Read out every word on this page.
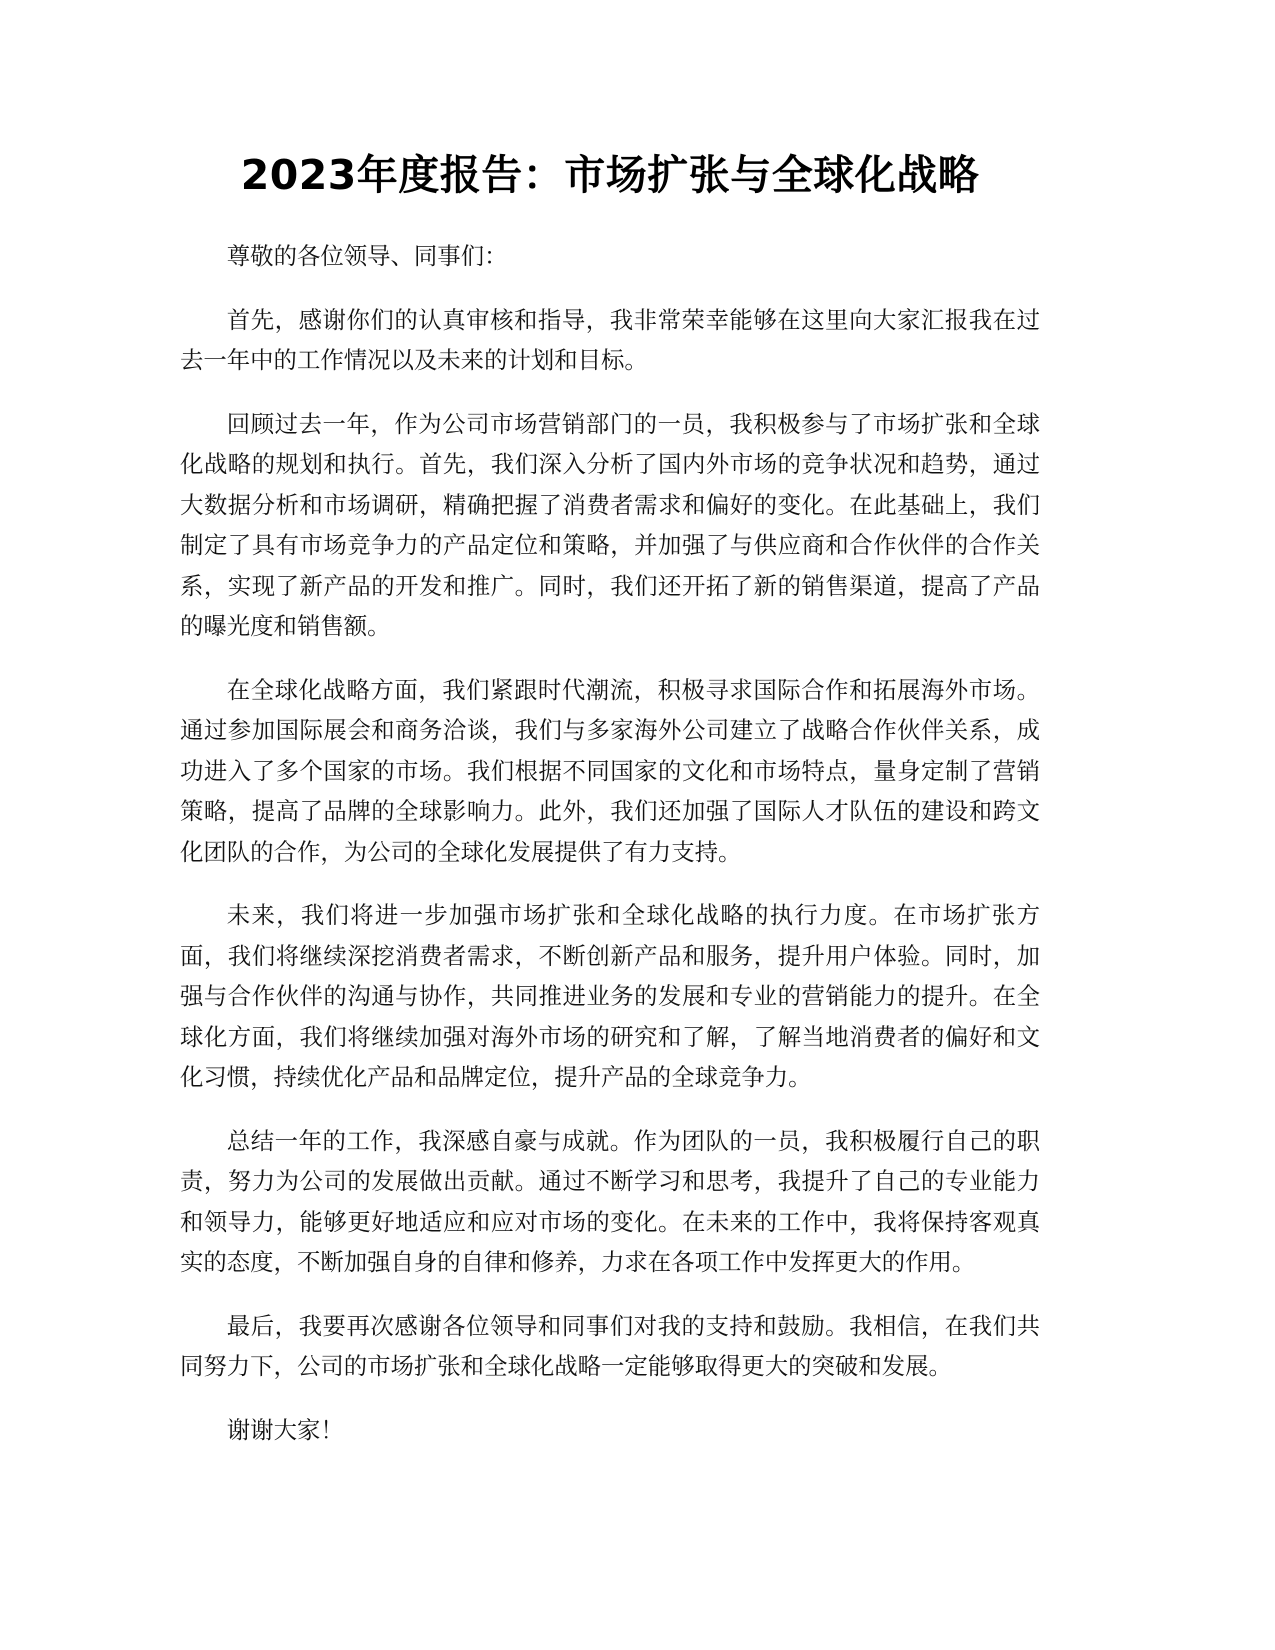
2023年度报告：市场扩张与全球化战略

尊敬的各位领导、同事们：

首先，感谢你们的认真审核和指导，我非常荣幸能够在这里向大家汇报我在过去一年中的工作情况以及未来的计划和目标。

回顾过去一年，作为公司市场营销部门的一员，我积极参与了市场扩张和全球化战略的规划和执行。首先，我们深入分析了国内外市场的竞争状况和趋势，通过大数据分析和市场调研，精确把握了消费者需求和偏好的变化。在此基础上，我们制定了具有市场竞争力的产品定位和策略，并加强了与供应商和合作伙伴的合作关系，实现了新产品的开发和推广。同时，我们还开拓了新的销售渠道，提高了产品的曝光度和销售额。

在全球化战略方面，我们紧跟时代潮流，积极寻求国际合作和拓展海外市场。通过参加国际展会和商务洽谈，我们与多家海外公司建立了战略合作伙伴关系，成功进入了多个国家的市场。我们根据不同国家的文化和市场特点，量身定制了营销策略，提高了品牌的全球影响力。此外，我们还加强了国际人才队伍的建设和跨文化团队的合作，为公司的全球化发展提供了有力支持。

未来，我们将进一步加强市场扩张和全球化战略的执行力度。在市场扩张方面，我们将继续深挖消费者需求，不断创新产品和服务，提升用户体验。同时，加强与合作伙伴的沟通与协作，共同推进业务的发展和专业的营销能力的提升。在全球化方面，我们将继续加强对海外市场的研究和了解，了解当地消费者的偏好和文化习惯，持续优化产品和品牌定位，提升产品的全球竞争力。

总结一年的工作，我深感自豪与成就。作为团队的一员，我积极履行自己的职责，努力为公司的发展做出贡献。通过不断学习和思考，我提升了自己的专业能力和领导力，能够更好地适应和应对市场的变化。在未来的工作中，我将保持客观真实的态度，不断加强自身的自律和修养，力求在各项工作中发挥更大的作用。

最后，我要再次感谢各位领导和同事们对我的支持和鼓励。我相信，在我们共同努力下，公司的市场扩张和全球化战略一定能够取得更大的突破和发展。

谢谢大家！
